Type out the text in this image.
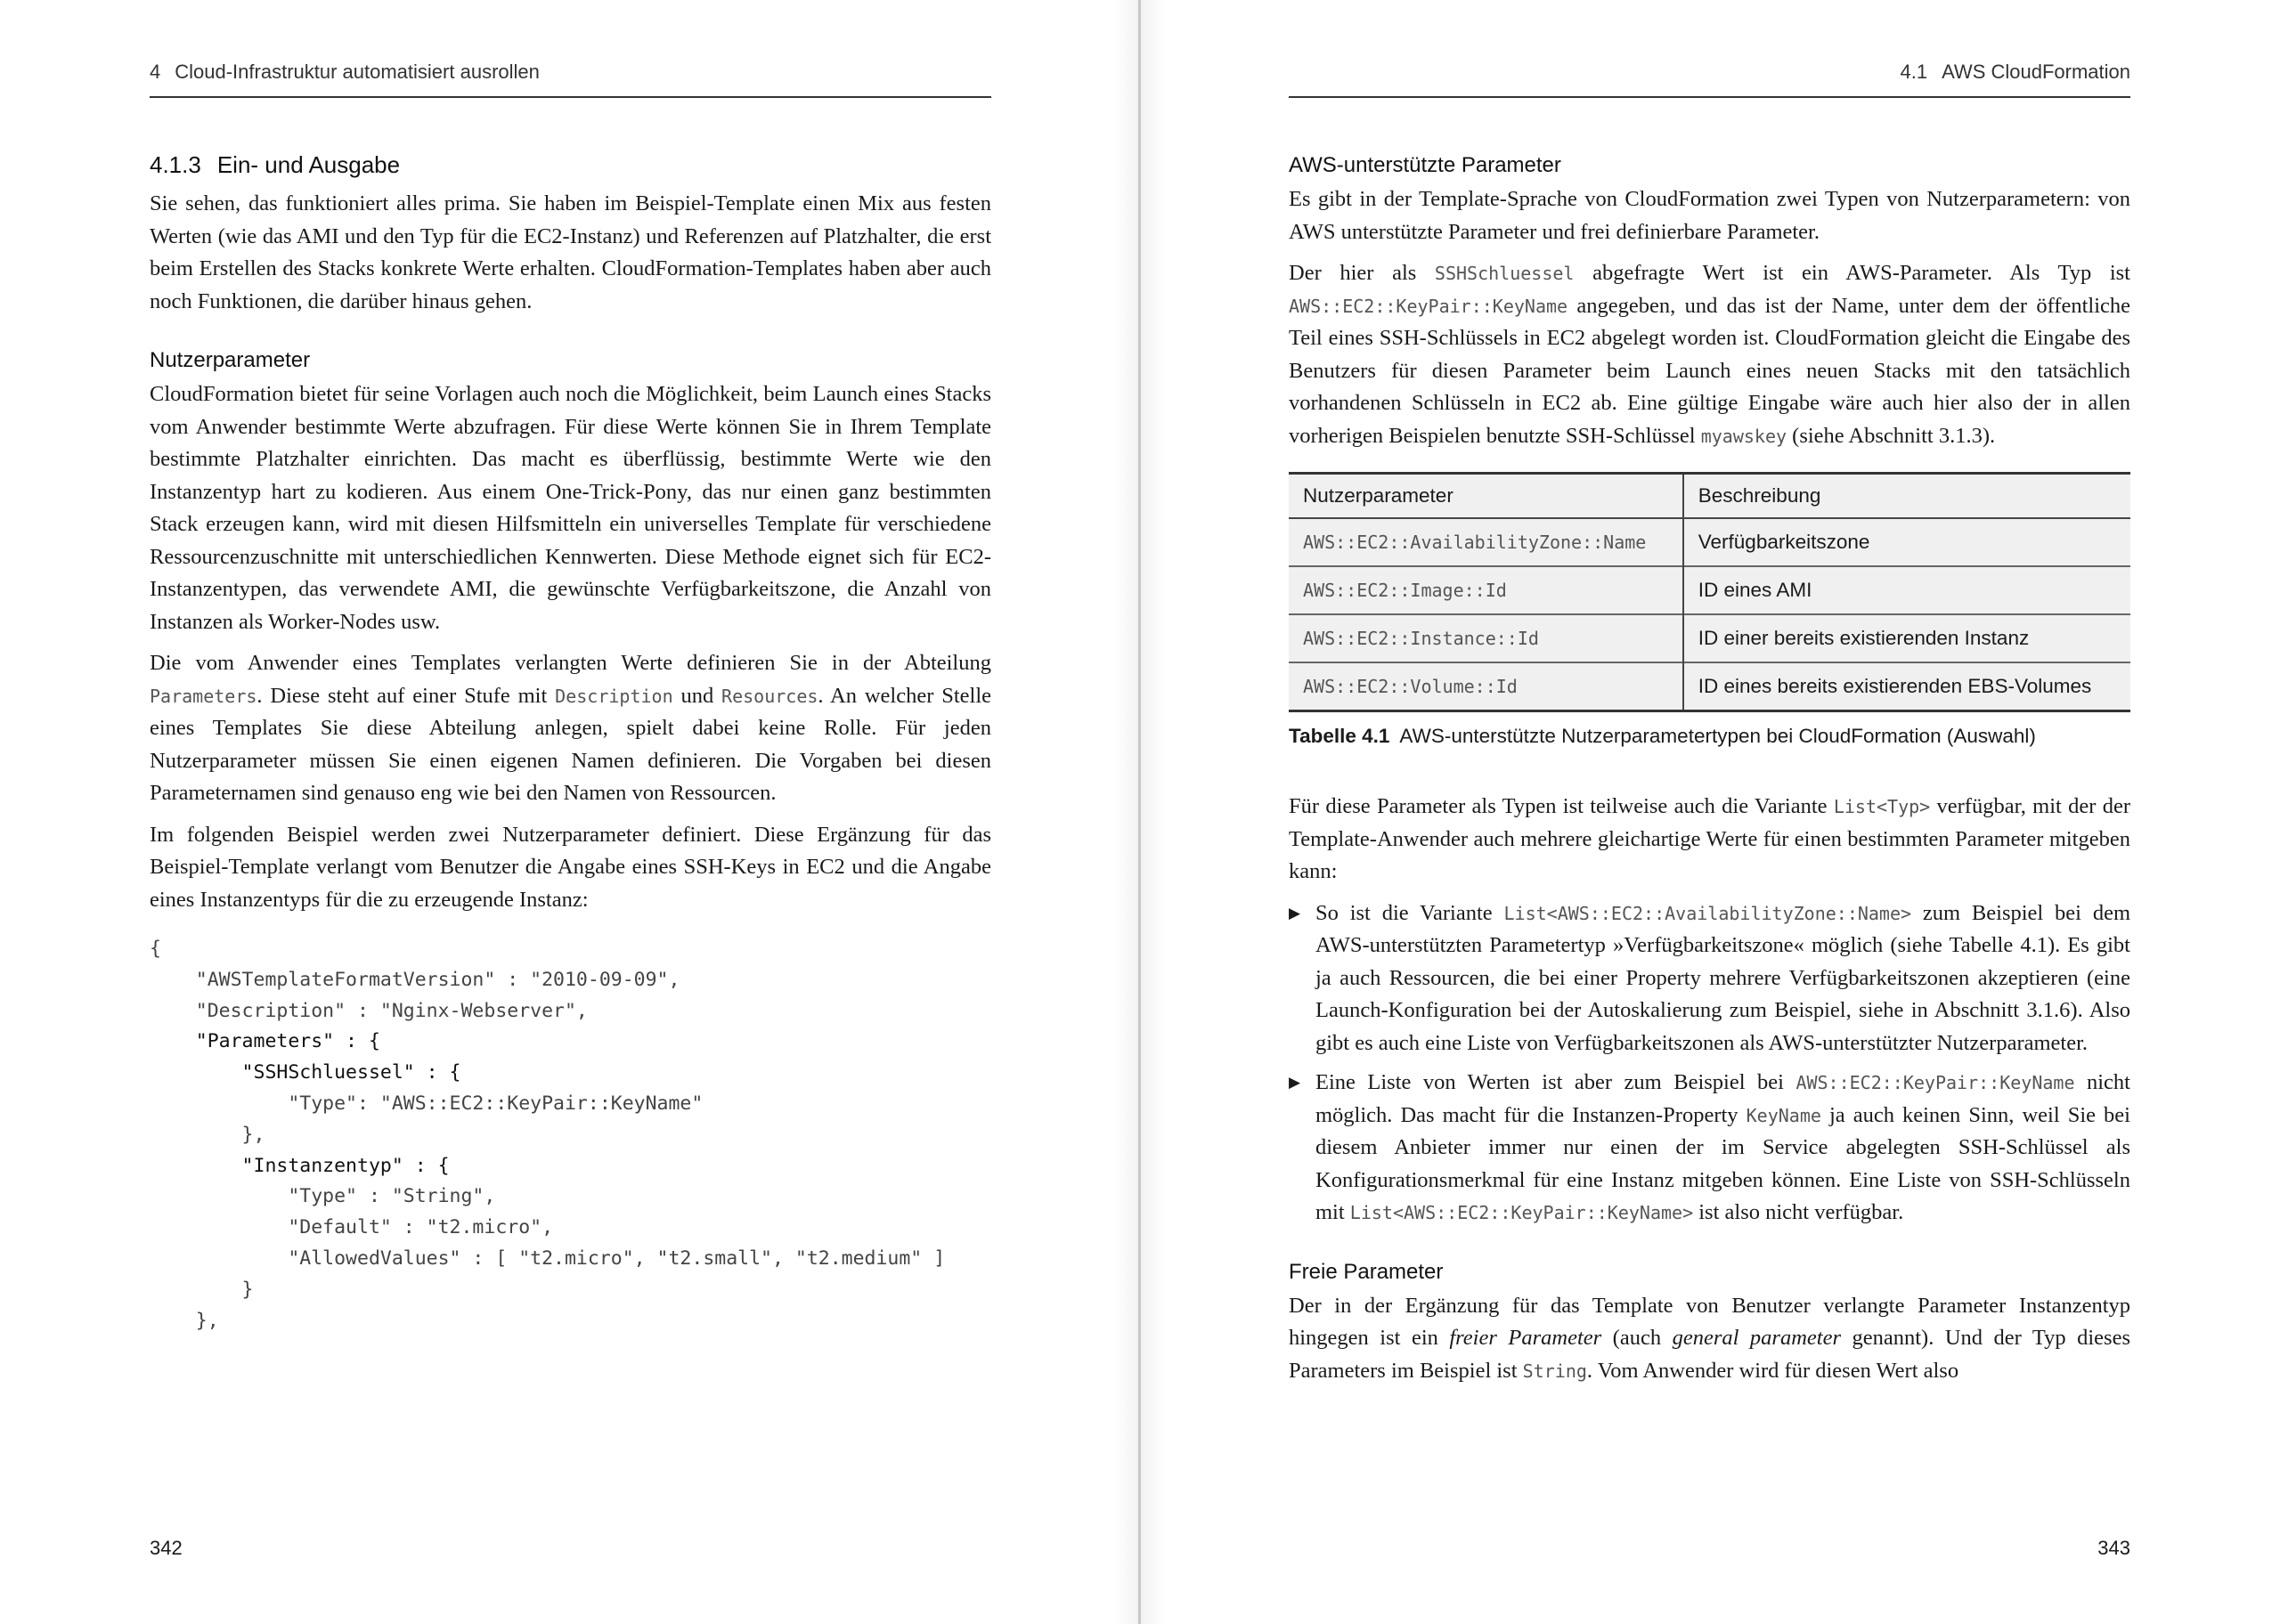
4 Cloud-Infrastruktur automatisiert ausrollen
4.1.3 Ein- und Ausgabe

Sie sehen, das funktioniert alles prima. Sie haben im Beispiel-Template einen Mix aus festen Werten (wie das AMI und den Typ für die EC2-Instanz) und Referenzen auf Platzhalter, die erst beim Erstellen des Stacks konkrete Werte erhalten. CloudFormation-Templates haben aber auch noch Funktionen, die darüber hinaus gehen.

Nutzerparameter

CloudFormation bietet für seine Vorlagen auch noch die Möglichkeit, beim Launch eines Stacks vom Anwender bestimmte Werte abzufragen. Für diese Werte können Sie in Ihrem Template bestimmte Platzhalter einrichten. Das macht es überflüssig, bestimmte Werte wie den Instanzentyp hart zu kodieren. Aus einem One-Trick-Pony, das nur einen ganz bestimmten Stack erzeugen kann, wird mit diesen Hilfsmitteln ein universelles Template für verschiedene Ressourcenzuschnitte mit unterschiedlichen Kennwerten. Diese Methode eignet sich für EC2-Instanzentypen, das verwendete AMI, die gewünschte Verfügbarkeitszone, die Anzahl von Instanzen als Worker-Nodes usw.

Die vom Anwender eines Templates verlangten Werte definieren Sie in der Abteilung Parameters. Diese steht auf einer Stufe mit Description und Resources. An welcher Stelle eines Templates Sie diese Abteilung anlegen, spielt dabei keine Rolle. Für jeden Nutzerparameter müssen Sie einen eigenen Namen definieren. Die Vorgaben bei diesen Parameternamen sind genauso eng wie bei den Namen von Ressourcen.

Im folgenden Beispiel werden zwei Nutzerparameter definiert. Diese Ergänzung für das Beispiel-Template verlangt vom Benutzer die Angabe eines SSH-Keys in EC2 und die Angabe eines Instanzentyps für die zu erzeugende Instanz:

{
"AWSTemplateFormatVersion" : "2010-09-09",
"Description" : "Nginx-Webserver",
"Parameters" : {
"SSHSchluessel" : {
"Type": "AWS::EC2::KeyPair::KeyName"
},
"Instanzentyp" : {
"Type" : "String",
"Default" : "t2.micro",
"AllowedValues" : [ "t2.micro", "t2.small", "t2.medium" ]
}
},
342
4.1 AWS CloudFormation
AWS-unterstützte Parameter

Es gibt in der Template-Sprache von CloudFormation zwei Typen von Nutzerparametern: von AWS unterstützte Parameter und frei definierbare Parameter.

Der hier als SSHSchluessel abgefragte Wert ist ein AWS-Parameter. Als Typ ist AWS::EC2::KeyPair::KeyName angegeben, und das ist der Name, unter dem der öffentliche Teil eines SSH-Schlüssels in EC2 abgelegt worden ist. CloudFormation gleicht die Eingabe des Benutzers für diesen Parameter beim Launch eines neuen Stacks mit den tatsächlich vorhandenen Schlüsseln in EC2 ab. Eine gültige Eingabe wäre auch hier also der in allen vorherigen Beispielen benutzte SSH-Schlüssel myawskey (siehe Abschnitt 3.1.3).

Nutzerparameter	Beschreibung
AWS::EC2::AvailabilityZone::Name	Verfügbarkeitszone
AWS::EC2::Image::Id	ID eines AMI
AWS::EC2::Instance::Id	ID einer bereits existierenden Instanz
AWS::EC2::Volume::Id	ID eines bereits existierenden EBS-Volumes
Tabelle 4.1 AWS-unterstützte Nutzerparametertypen bei CloudFormation (Auswahl)

Für diese Parameter als Typen ist teilweise auch die Variante List<Typ> verfügbar, mit der der Template-Anwender auch mehrere gleichartige Werte für einen bestimmten Parameter mitgeben kann:

▶ So ist die Variante List<AWS::EC2::AvailabilityZone::Name> zum Beispiel bei dem AWS-unterstützten Parametertyp »Verfügbarkeitszone« möglich (siehe Tabelle 4.1). Es gibt ja auch Ressourcen, die bei einer Property mehrere Verfügbarkeitszonen akzeptieren (eine Launch-Konfiguration bei der Autoskalierung zum Beispiel, siehe in Abschnitt 3.1.6). Also gibt es auch eine Liste von Verfügbarkeitszonen als AWS-unterstützter Nutzerparameter.
▶ Eine Liste von Werten ist aber zum Beispiel bei AWS::EC2::KeyPair::KeyName nicht möglich. Das macht für die Instanzen-Property KeyName ja auch keinen Sinn, weil Sie bei diesem Anbieter immer nur einen der im Service abgelegten SSH-Schlüssel als Konfigurationsmerkmal für eine Instanz mitgeben können. Eine Liste von SSH-Schlüsseln mit List<AWS::EC2::KeyPair::KeyName> ist also nicht verfügbar.
Freie Parameter

Der in der Ergänzung für das Template von Benutzer verlangte Parameter Instanzentyp hingegen ist ein freier Parameter (auch general parameter genannt). Und der Typ dieses Parameters im Beispiel ist String. Vom Anwender wird für diesen Wert also

343
